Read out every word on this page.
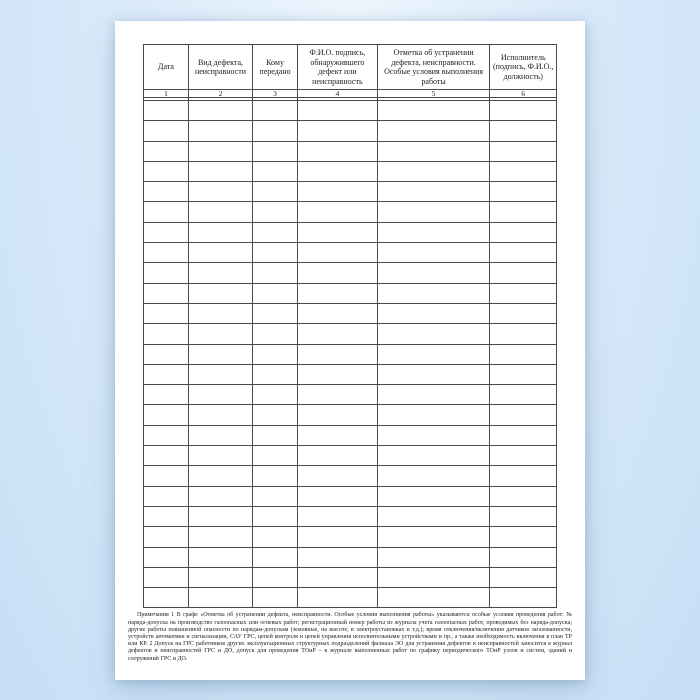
Дата	Вид дефекта, неисправности	Кому передано	Ф.И.О. подпись, обнаружившего дефект или неисправность	Отметка об устранении дефекта, неисправности. Особые условия выполнения работы	Исполнитель (подпись, Ф.И.О., должность)
1	2	3	4	5	6

Примечания 1 В графе «Отметка об устранении дефекта, неисправности. Особые условия выполнения работы» указываются особые условия проведения работ: № наряда-допуска на производство газоопасных или огневых работ; регистрационный номер работы из журнала учета газоопасных работ, проводимых без наряда-допуска; другие работы повышенной опасности по нарядам-допускам (земляные, на высоте, в электроустановках и т.д.); время отключения/включения датчиков загазованности, устройств автоматики и сигнализации, САУ ГРС, цепей контроля и цепей управления исполнительными устройствами и пр., а также необходимость включения в план ТР или КР. 2 Допуск на ГРС работников других эксплуатационных структурных подразделений филиала ЭО для устранения дефектов и неисправностей заносится в журнал дефектов и неисправностей ГРС и ДО, допуск для проведения ТОиР – в журнале выполненных работ по графику периодического ТОиР узлов и систем, зданий и сооружений ГРС и ДО.
